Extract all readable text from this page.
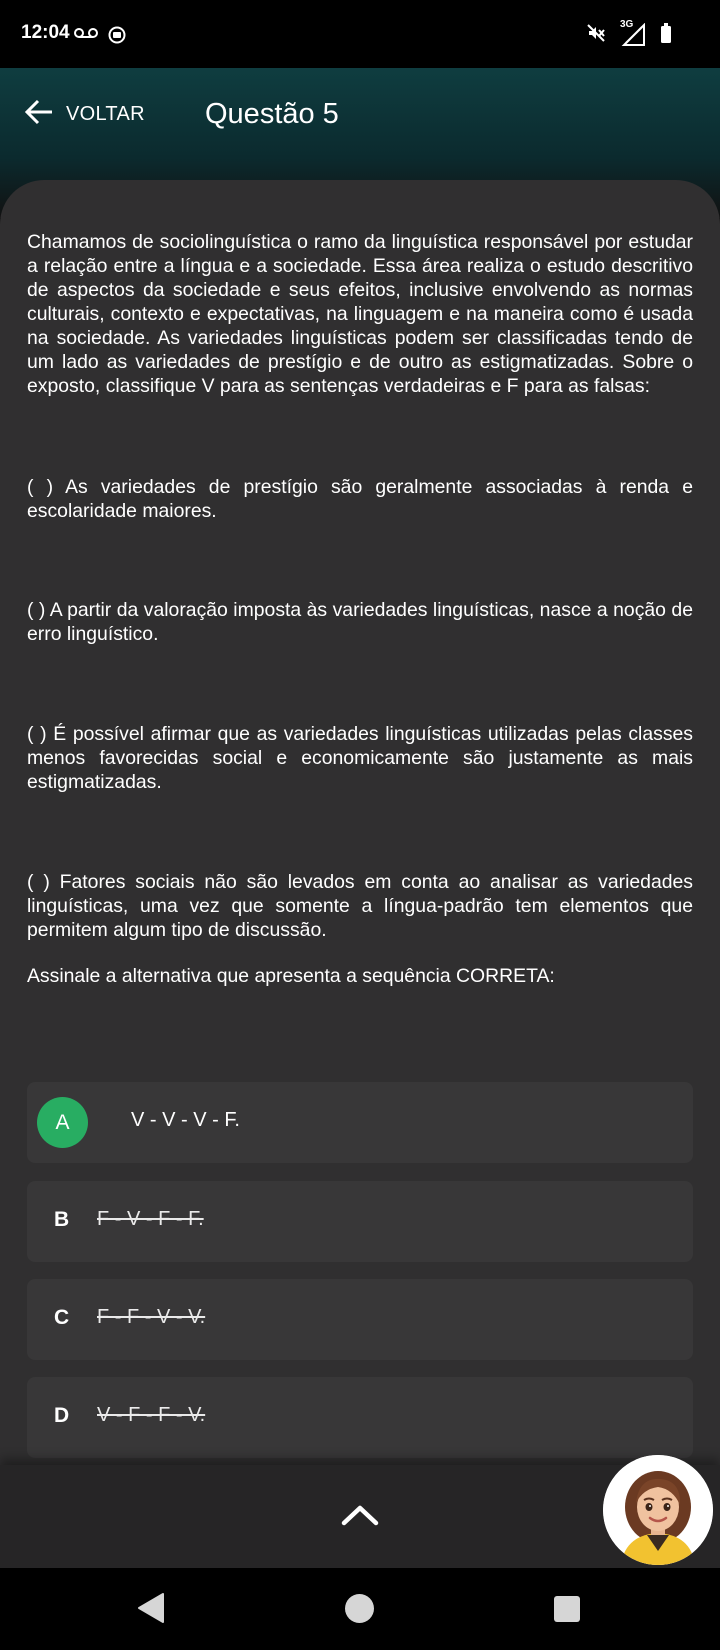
12:04	3G
VOLTAR Questão 5

Chamamos de sociolinguística o ramo da linguística responsável por estudar a relação entre a língua e a sociedade. Essa área realiza o estudo descritivo de aspectos da sociedade e seus efeitos, inclusive envolvendo as normas culturais, contexto e expectativas, na linguagem e na maneira como é usada na sociedade. As variedades linguísticas podem ser classificadas tendo de um lado as variedades de prestígio e de outro as estigmatizadas. Sobre o exposto, classifique V para as sentenças verdadeiras e F para as falsas:

( ) As variedades de prestígio são geralmente associadas à renda e escolaridade maiores.

( ) A partir da valoração imposta às variedades linguísticas, nasce a noção de erro linguístico.

( ) É possível afirmar que as variedades linguísticas utilizadas pelas classes menos favorecidas social e economicamente são justamente as mais estigmatizadas.

( ) Fatores sociais não são levados em conta ao analisar as variedades linguísticas, uma vez que somente a língua-padrão tem elementos que permitem algum tipo de discussão.

Assinale a alternativa que apresenta a sequência CORRETA:

A	V - V - V - F.
B F - V - F - F.
C F - F - V - V.
D V - F - F - V.
